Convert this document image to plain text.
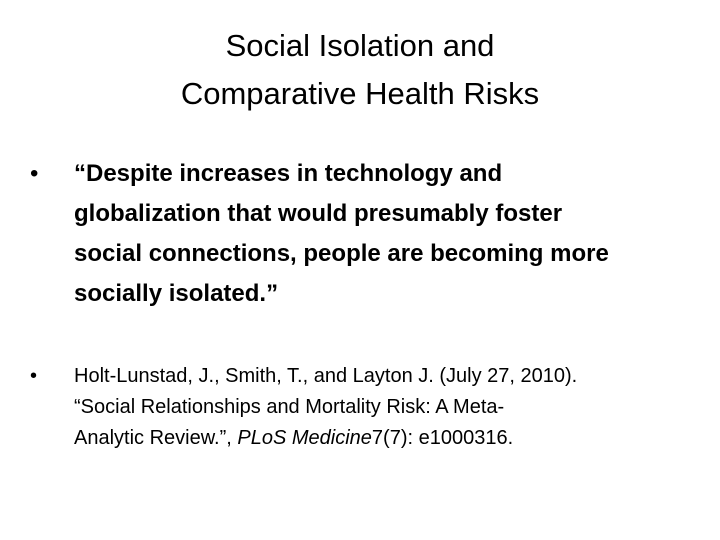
Social Isolation and
Comparative Health Risks
•	“Despite increases in technology and
globalization that would presumably foster
social connections, people are becoming more
socially isolated.”
•	Holt-Lunstad, J., Smith, T., and Layton J. (July 27, 2010).
“Social Relationships and Mortality Risk: A Meta-
Analytic Review.”, PLoS Medicine7(7): e1000316.
